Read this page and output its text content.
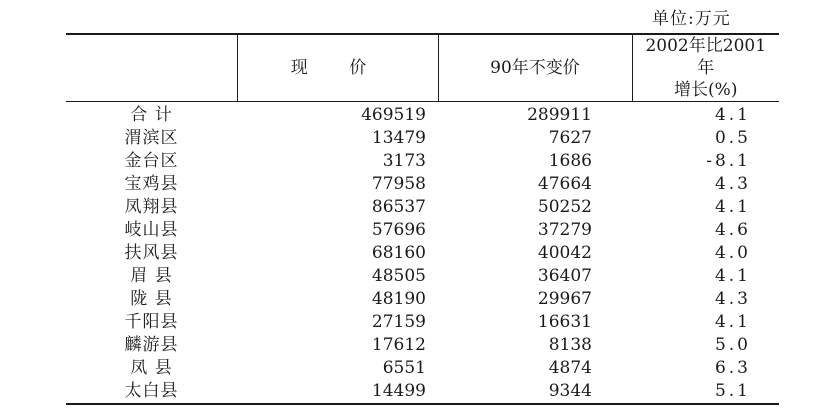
单位:万元
	现 价	90年不变价	2002年比2001年
增长(%)

合 计	469519	289911	4.1
渭滨区	13479	7627	0.5
金台区	3173	1686	-8.1
宝鸡县	77958	47664	4.3
凤翔县	86537	50252	4.1
岐山县	57696	37279	4.6
扶风县	68160	40042	4.0
眉 县	48505	36407	4.1
陇 县	48190	29967	4.3
千阳县	27159	16631	4.1
麟游县	17612	8138	5.0
凤 县	6551	4874	6.3
太白县	14499	9344	5.1
